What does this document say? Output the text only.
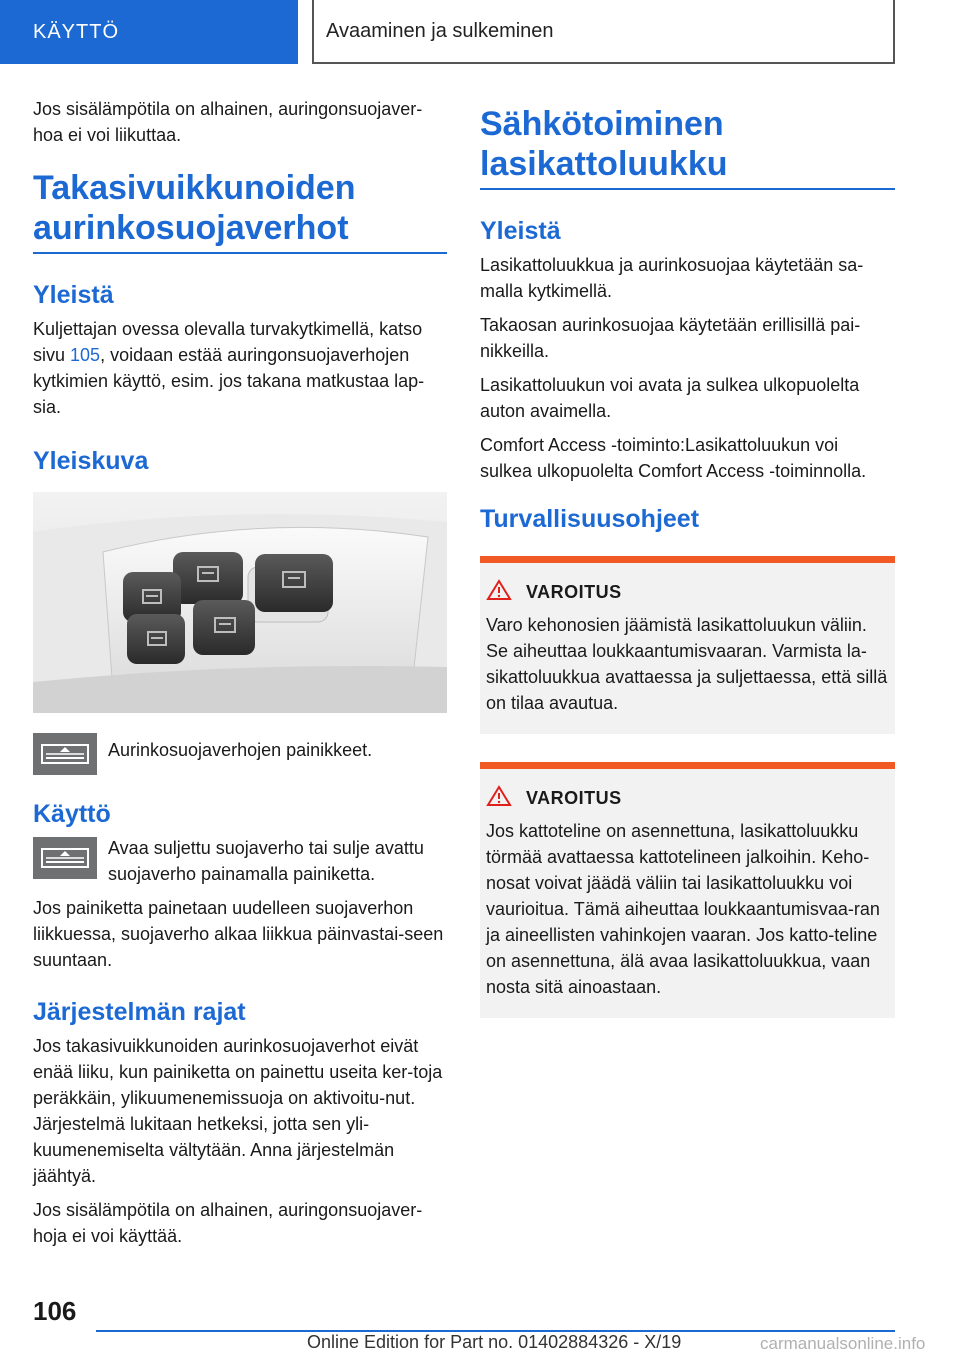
KÄYTTÖ	Avaaminen ja sulkeminen

Jos sisälämpötila on alhainen, auringonsuojaver-hoa ei voi liikuttaa.

Takasivuikkunoiden
aurinkosuojaverhot
Yleistä

Kuljettajan ovessa olevalla turvakytkimellä, katso sivu 105, voidaan estää auringonsuojaverhojen kytkimien käyttö, esim. jos takana matkustaa lap-sia.

Yleiskuva

Aurinkosuojaverhojen painikkeet.

Käyttö

Avaa suljettu suojaverho tai sulje avattu suojaverho painamalla painiketta.

Jos painiketta painetaan uudelleen suojaverhon liikkuessa, suojaverho alkaa liikkua päinvastai-seen suuntaan.

Järjestelmän rajat

Jos takasivuikkunoiden aurinkosuojaverhot eivät enää liiku, kun painiketta on painettu useita ker-toja peräkkäin, ylikuumenemissuoja on aktivoitu-nut. Järjestelmä lukitaan hetkeksi, jotta sen yli-kuumenemiselta vältytään. Anna järjestelmän jäähtyä.

Jos sisälämpötila on alhainen, auringonsuojaver-hoja ei voi käyttää.

Sähkötoiminen
lasikattoluukku
Yleistä

Lasikattoluukkua ja aurinkosuojaa käytetään sa-malla kytkimellä.

Takaosan aurinkosuojaa käytetään erillisillä pai-nikkeilla.

Lasikattoluukun voi avata ja sulkea ulkopuolelta auton avaimella.

Comfort Access -toiminto:Lasikattoluukun voi sulkea ulkopuolelta Comfort Access -toiminnolla.

Turvallisuusohjeet
VAROITUS

Varo kehonosien jäämistä lasikattoluukun väliin. Se aiheuttaa loukkaantumisvaaran. Varmista la-sikattoluukkua avattaessa ja suljettaessa, että sillä on tilaa avautua.

VAROITUS

Jos kattoteline on asennettuna, lasikattoluukku törmää avattaessa kattotelineen jalkoihin. Keho-nosat voivat jäädä väliin tai lasikattoluukku voi vaurioitua. Tämä aiheuttaa loukkaantumisvaa-ran ja aineellisten vahinkojen vaaran. Jos katto-teline on asennettuna, älä avaa lasikattoluukkua, vaan nosta sitä ainoastaan.

106
Online Edition for Part no. 01402884326 - X/19	carmanualsonline.info
